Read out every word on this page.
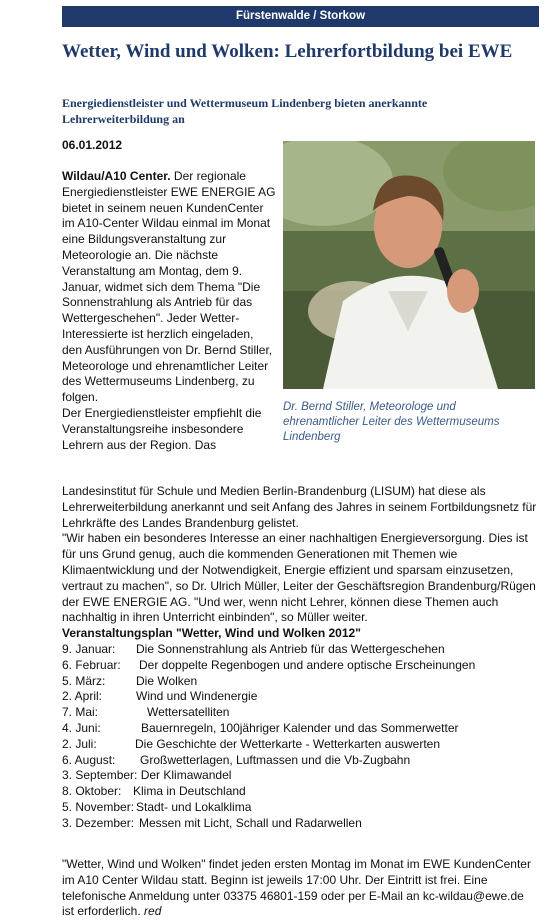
Fürstenwalde / Storkow
Wetter, Wind und Wolken: Lehrerfortbildung bei EWE
Energiedienstleister und Wettermuseum Lindenberg bieten anerkannte Lehrerweiterbildung an
06.01.2012
Dr. Bernd Stiller, Meteorologe und ehrenamtlicher Leiter des Wettermuseums Lindenberg
Wildau/A10 Center. Der regionale Energiedienstleister EWE ENERGIE AG bietet in seinem neuen KundenCenter im A10-Center Wildau einmal im Monat eine Bildungsveranstaltung zur Meteorologie an. Die nächste Veranstaltung am Montag, dem 9. Januar, widmet sich dem Thema "Die Sonnenstrahlung als Antrieb für das Wettergeschehen". Jeder Wetter-Interessierte ist herzlich eingeladen, den Ausführungen von Dr. Bernd Stiller, Meteorologe und ehrenamtlicher Leiter des Wettermuseums Lindenberg, zu folgen.
Der Energiedienstleister empfiehlt die Veranstaltungsreihe insbesondere Lehrern aus der Region. Das

Landesinstitut für Schule und Medien Berlin-Brandenburg (LISUM) hat diese als Lehrerweiterbildung anerkannt und seit Anfang des Jahres in seinem Fortbildungsnetz für Lehrkräfte des Landes Brandenburg gelistet.

"Wir haben ein besonderes Interesse an einer nachhaltigen Energieversorgung. Dies ist für uns Grund genug, auch die kommenden Generationen mit Themen wie Klimaentwicklung und der Notwendigkeit, Energie effizient und sparsam einzusetzen, vertraut zu machen", so Dr. Ulrich Müller, Leiter der Geschäftsregion Brandenburg/Rügen der EWE ENERGIE AG. "Und wer, wenn nicht Lehrer, können diese Themen auch nachhaltig in ihren Unterricht einbinden", so Müller weiter.

Veranstaltungsplan "Wetter, Wind und Wolken 2012"

9. Januar: Die Sonnenstrahlung als Antrieb für das Wettergeschehen
6. Februar: Der doppelte Regenbogen und andere optische Erscheinungen
5. März:	Die Wolken
2. April:	Wind und Windenergie
7. Mai:	Wettersatelliten
4. Juni:	Bauernregeln, 100jähriger Kalender und das Sommerwetter
2. Juli:	Die Geschichte der Wetterkarte - Wetterkarten auswerten
6. August: Großwetterlagen, Luftmassen und die Vb-Zugbahn
3. September: Der Klimawandel
8. Oktober: Klima in Deutschland
5. November: Stadt- und Lokalklima
3. Dezember: Messen mit Licht, Schall und Radarwellen
"Wetter, Wind und Wolken" findet jeden ersten Montag im Monat im EWE KundenCenter im A10 Center Wildau statt. Beginn ist jeweils 17:00 Uhr. Der Eintritt ist frei. Eine telefonische Anmeldung unter 03375 46801-159 oder per E-Mail an kc-wildau@ewe.de ist erforderlich. red
